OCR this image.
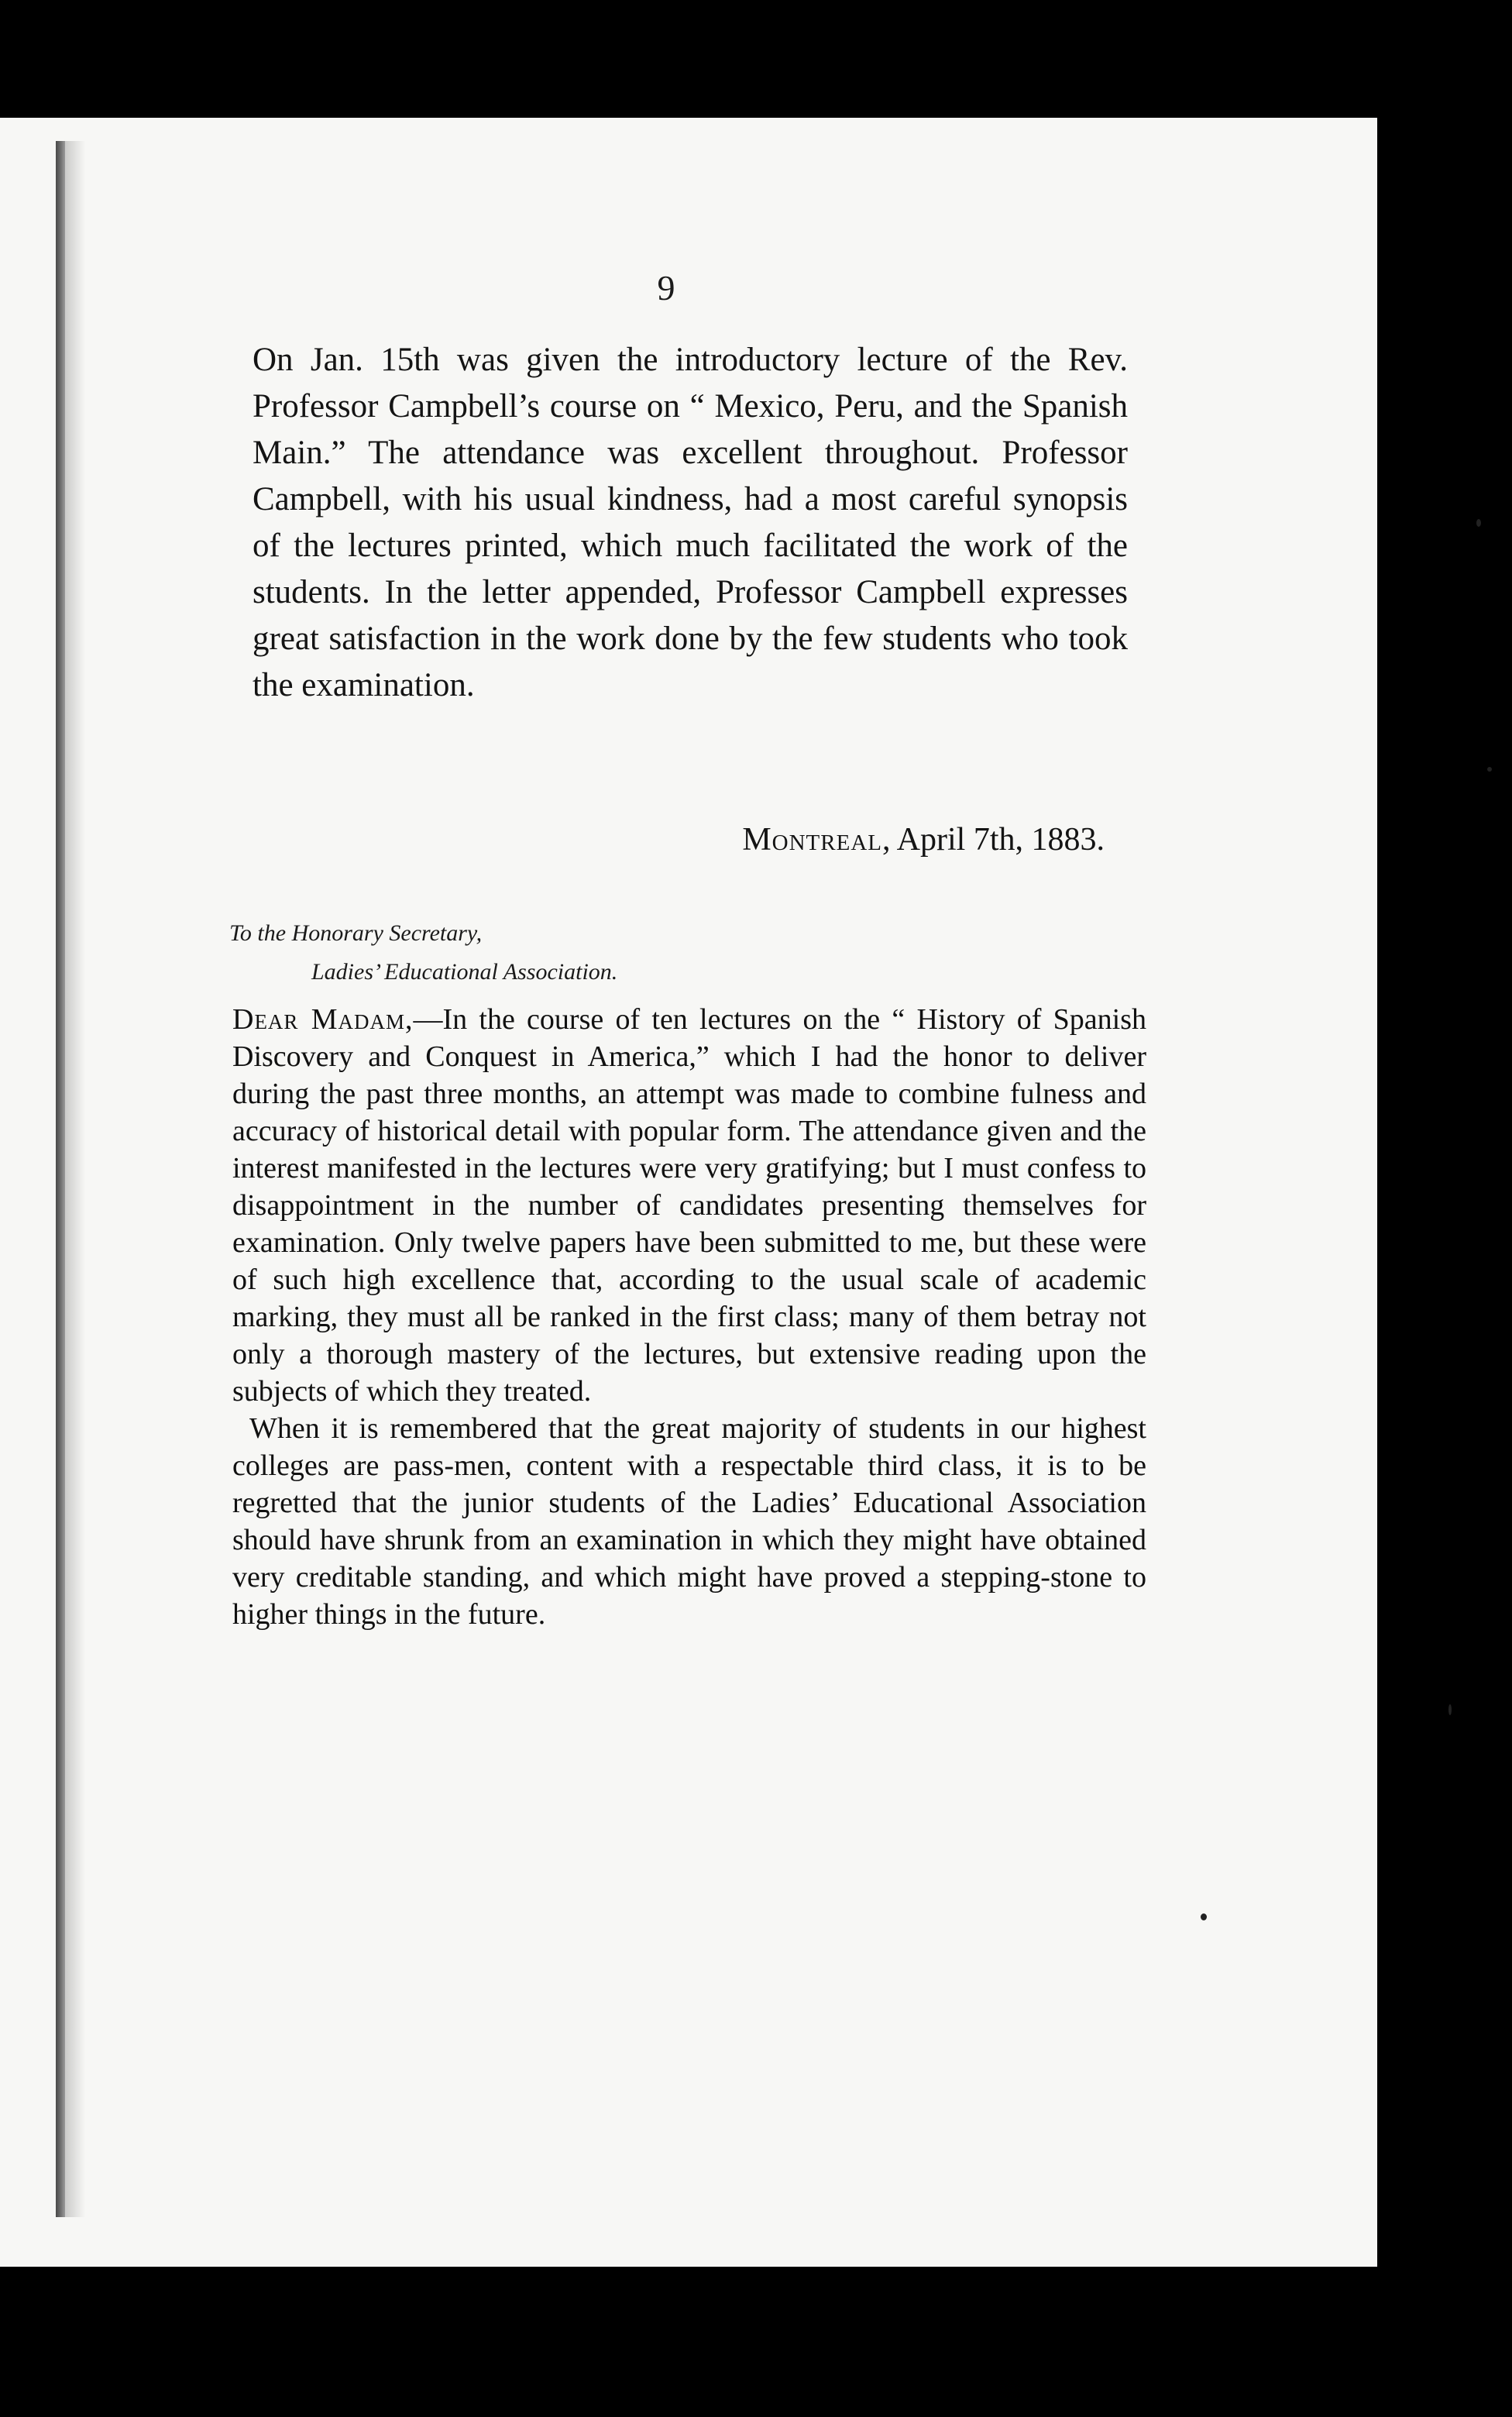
9
On Jan. 15th was given the introductory lecture of the Rev. Professor Campbell’s course on “ Mexico, Peru, and the Spanish Main.” The attendance was excellent throughout. Professor Campbell, with his usual kindness, had a most careful synopsis of the lectures printed, which much facilitated the work of the students. In the letter appended, Professor Campbell expresses great satisfaction in the work done by the few students who took the examination.
Montreal, April 7th, 1883.
To the Honorary Secretary,
Ladies’ Educational Association.

Dear Madam,—In the course of ten lectures on the “ History of Spanish Discovery and Conquest in America,” which I had the honor to deliver during the past three months, an attempt was made to combine fulness and accuracy of historical detail with popular form. The attendance given and the interest manifested in the lectures were very gratifying; but I must confess to disappointment in the number of candidates presenting themselves for examination. Only twelve papers have been submitted to me, but these were of such high excellence that, according to the usual scale of academic marking, they must all be ranked in the first class; many of them betray not only a thorough mastery of the lectures, but extensive reading upon the subjects of which they treated.

When it is remembered that the great majority of students in our highest colleges are pass-men, content with a respectable third class, it is to be regretted that the junior students of the Ladies’ Educational Association should have shrunk from an examination in which they might have obtained very creditable standing, and which might have proved a stepping-stone to higher things in the future.
